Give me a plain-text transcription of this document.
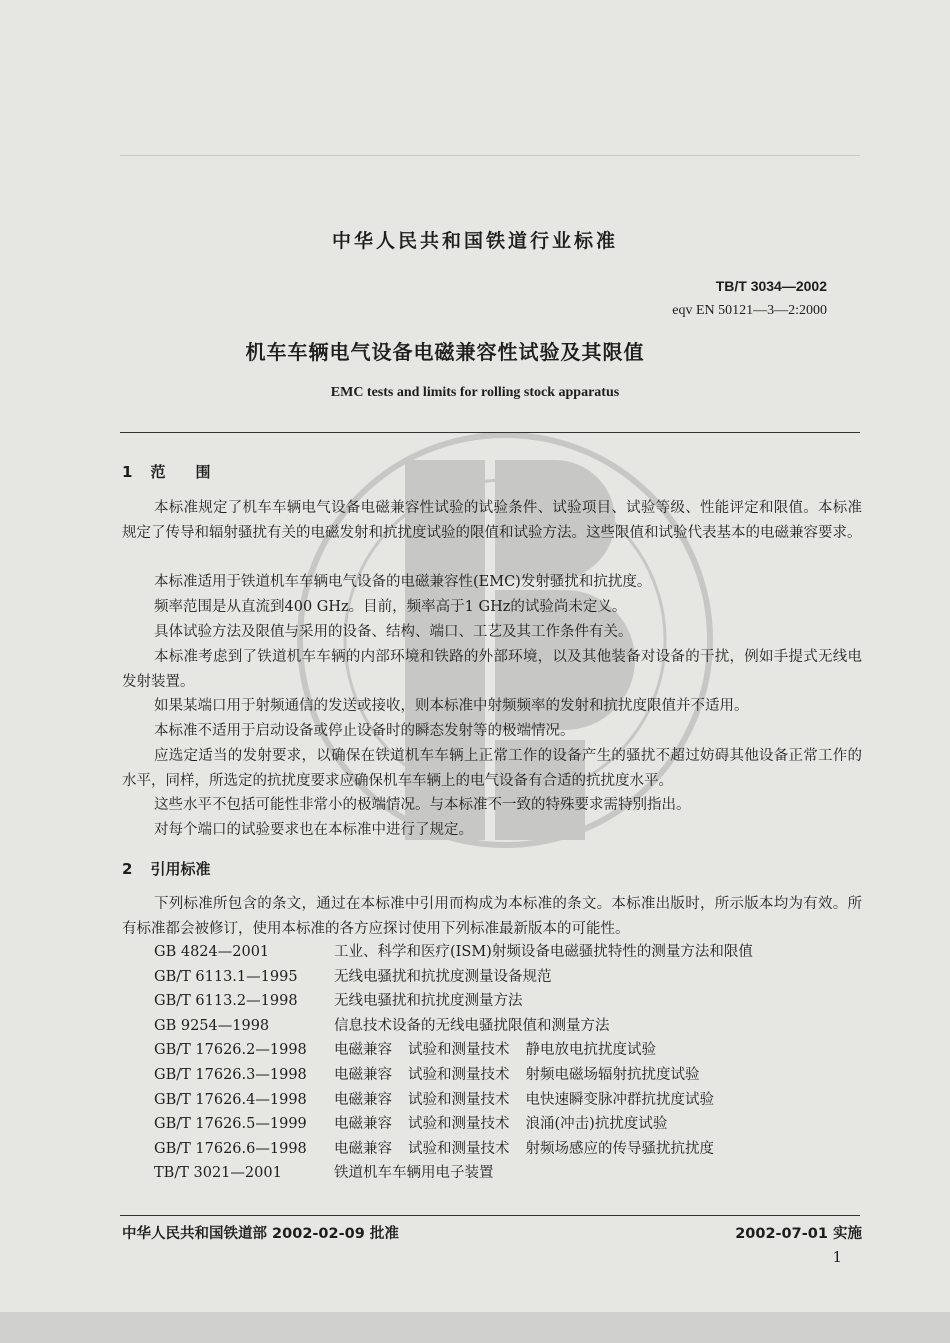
中华人民共和国铁道行业标准
TB/T 3034—2002
eqv EN 50121—3—2:2000
机车车辆电气设备电磁兼容性试验及其限值
EMC tests and limits for rolling stock apparatus
1 范 围
本标准规定了机车车辆电气设备电磁兼容性试验的试验条件、试验项目、试验等级、性能评定和限值。本标准规定了传导和辐射骚扰有关的电磁发射和抗扰度试验的限值和试验方法。这些限值和试验代表基本的电磁兼容要求。
本标准适用于铁道机车车辆电气设备的电磁兼容性(EMC)发射骚扰和抗扰度。
频率范围是从直流到400 GHz。目前，频率高于1 GHz的试验尚未定义。
具体试验方法及限值与采用的设备、结构、端口、工艺及其工作条件有关。
本标准考虑到了铁道机车车辆的内部环境和铁路的外部环境，以及其他装备对设备的干扰，例如手提式无线电发射装置。
如果某端口用于射频通信的发送或接收，则本标准中射频频率的发射和抗扰度限值并不适用。
本标准不适用于启动设备或停止设备时的瞬态发射等的极端情况。
应选定适当的发射要求，以确保在铁道机车车辆上正常工作的设备产生的骚扰不超过妨碍其他设备正常工作的水平，同样，所选定的抗扰度要求应确保机车车辆上的电气设备有合适的抗扰度水平。
这些水平不包括可能性非常小的极端情况。与本标准不一致的特殊要求需特别指出。
对每个端口的试验要求也在本标准中进行了规定。
2 引用标准
下列标准所包含的条文，通过在本标准中引用而构成为本标准的条文。本标准出版时，所示版本均为有效。所有标准都会被修订，使用本标准的各方应探讨使用下列标准最新版本的可能性。
GB 4824—2001	工业、科学和医疗(ISM)射频设备电磁骚扰特性的测量方法和限值
GB/T 6113.1—1995	无线电骚扰和抗扰度测量设备规范
GB/T 6113.2—1998	无线电骚扰和抗扰度测量方法
GB 9254—1998	信息技术设备的无线电骚扰限值和测量方法
GB/T 17626.2—1998 电磁兼容 试验和测量技术 静电放电抗扰度试验
GB/T 17626.3—1998 电磁兼容 试验和测量技术 射频电磁场辐射抗扰度试验
GB/T 17626.4—1998 电磁兼容 试验和测量技术 电快速瞬变脉冲群抗扰度试验
GB/T 17626.5—1999 电磁兼容 试验和测量技术 浪涌(冲击)抗扰度试验
GB/T 17626.6—1998 电磁兼容 试验和测量技术 射频场感应的传导骚扰抗扰度
TB/T 3021—2001	铁道机车车辆用电子装置
中华人民共和国铁道部 2002-02-09 批准	2002-07-01 实施
1
